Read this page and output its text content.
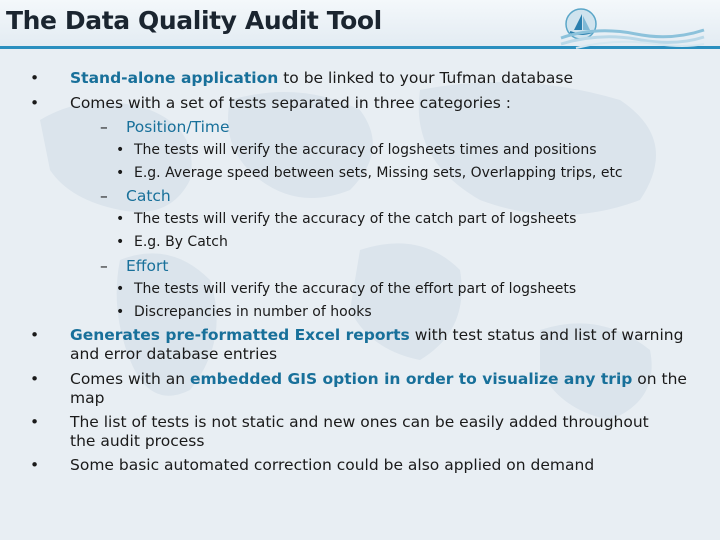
The Data Quality Audit Tool
• Stand-alone application to be linked to your Tufman database
• Comes with a set of tests separated in three categories :
– Position/Time
• The tests will verify the accuracy of logsheets times and positions
• E.g. Average speed between sets, Missing sets, Overlapping trips, etc
– Catch
• The tests will verify the accuracy of the catch part of logsheets
• E.g. By Catch
– Effort
• The tests will verify the accuracy of the effort part of logsheets
• Discrepancies in number of hooks
• Generates pre-formatted Excel reports with test status and list of warning
and error database entries
• Comes with an embedded GIS option in order to visualize any trip on the
map
• The list of tests is not static and new ones can be easily added throughout
the audit process
• Some basic automated correction could be also applied on demand
